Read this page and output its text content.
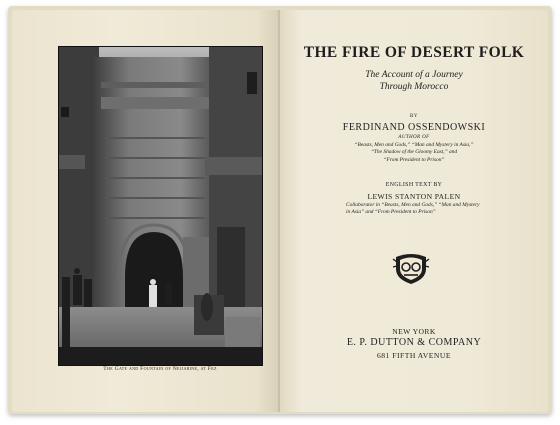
The Gate and Fountain of Nejjarine, at Fez
THE FIRE OF DESERT FOLK
The Account of a Journey
Through Morocco
BY
FERDINAND OSSENDOWSKI
AUTHOR OF
“Beasts, Men and Gods,” “Man and Mystery in Asia,”
“The Shadow of the Gloomy East,” and
“From President to Prison”
ENGLISH TEXT BY
LEWIS STANTON PALEN
Collaborator in “Beasts, Men and Gods,” “Man and Mystery
in Asia” and “From President to Prison”
NEW YORK
E. P. DUTTON & COMPANY
681 FIFTH AVENUE
